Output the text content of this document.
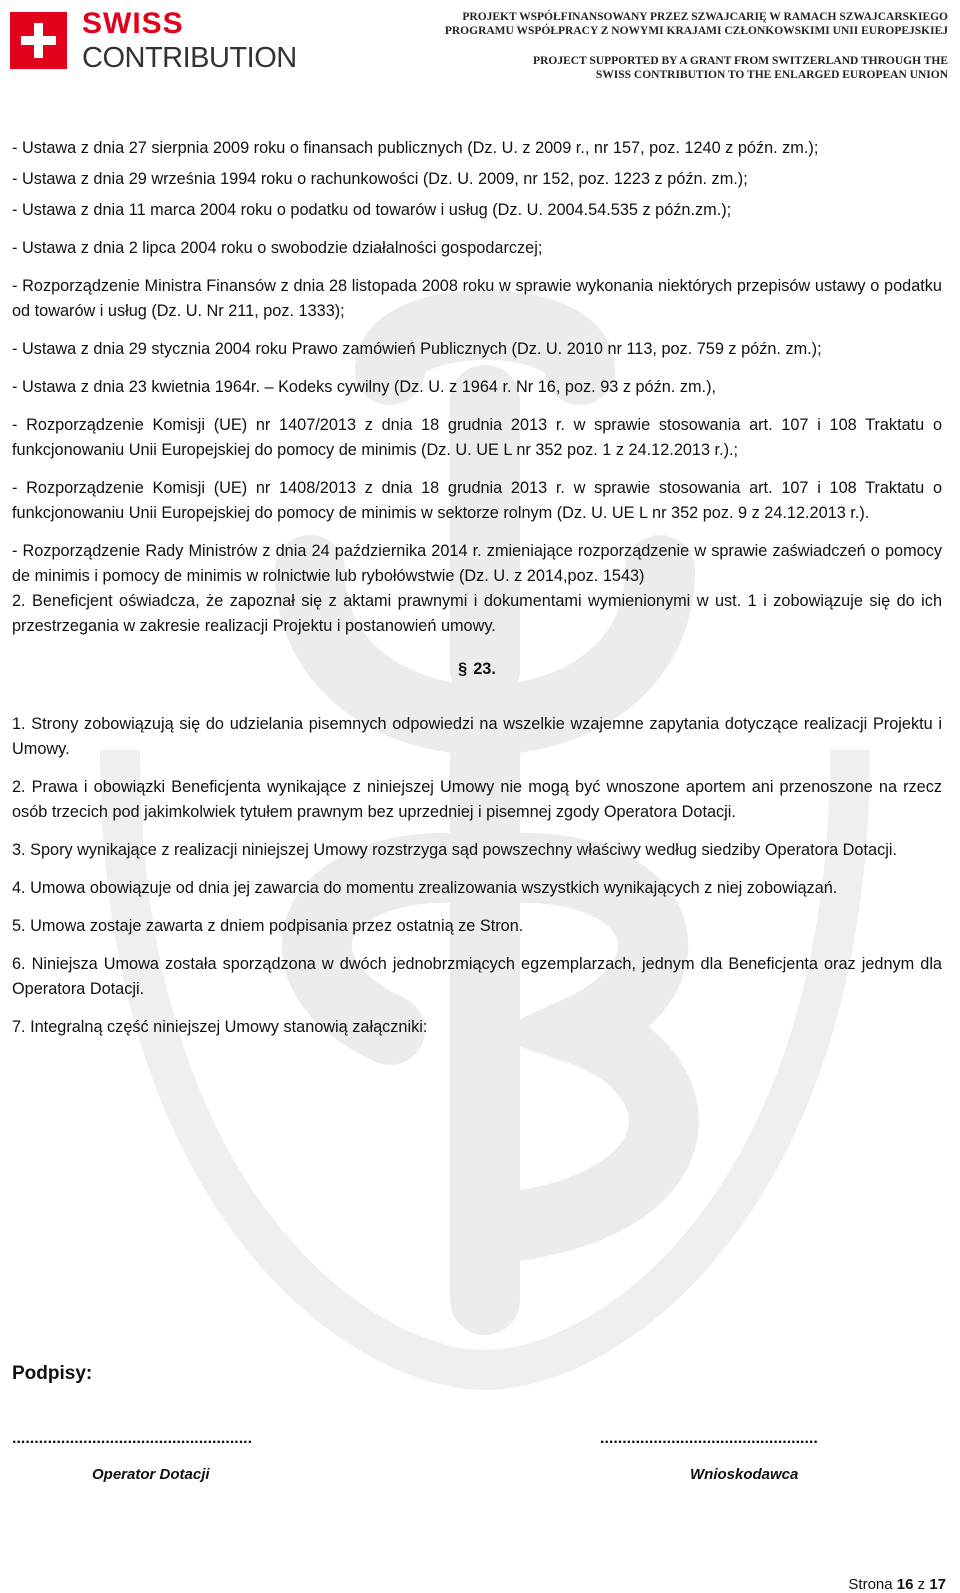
SWISS
CONTRIBUTION
PROJEKT WSPÓŁFINANSOWANY PRZEZ SZWAJCARIĘ W RAMACH SZWAJCARSKIEGO
PROGRAMU WSPÓŁPRACY Z NOWYMI KRAJAMI CZŁONKOWSKIMI UNII EUROPEJSKIEJ
PROJECT SUPPORTED BY A GRANT FROM SWITZERLAND THROUGH THE
SWISS CONTRIBUTION TO THE ENLARGED EUROPEAN UNION

- Ustawa z dnia 27 sierpnia 2009 roku o finansach publicznych (Dz. U. z 2009 r., nr 157, poz. 1240 z późn. zm.);

- Ustawa z dnia 29 września 1994 roku o rachunkowości (Dz. U. 2009, nr 152, poz. 1223 z późn. zm.);

- Ustawa z dnia 11 marca 2004 roku o podatku od towarów i usług (Dz. U. 2004.54.535 z późn.zm.);

- Ustawa z dnia 2 lipca 2004 roku o swobodzie działalności gospodarczej;

- Rozporządzenie Ministra Finansów z dnia 28 listopada 2008 roku w sprawie wykonania niektórych przepisów ustawy o podatku od towarów i usług (Dz. U. Nr 211, poz. 1333);

- Ustawa z dnia 29 stycznia 2004 roku Prawo zamówień Publicznych (Dz. U. 2010 nr 113, poz. 759 z późn. zm.);

- Ustawa z dnia 23 kwietnia 1964r. – Kodeks cywilny (Dz. U. z 1964 r. Nr 16, poz. 93 z późn. zm.),

- Rozporządzenie Komisji (UE) nr 1407/2013 z dnia 18 grudnia 2013 r. w sprawie stosowania art. 107 i 108 Traktatu o funkcjonowaniu Unii Europejskiej do pomocy de minimis (Dz. U. UE L nr 352 poz. 1 z 24.12.2013 r.).;

- Rozporządzenie Komisji (UE) nr 1408/2013 z dnia 18 grudnia 2013 r. w sprawie stosowania art. 107 i 108 Traktatu o funkcjonowaniu Unii Europejskiej do pomocy de minimis w sektorze rolnym (Dz. U. UE L nr 352 poz. 9 z 24.12.2013 r.).

- Rozporządzenie Rady Ministrów z dnia 24 października 2014 r. zmieniające rozporządzenie w sprawie zaświadczeń o pomocy de minimis i pomocy de minimis w rolnictwie lub rybołówstwie (Dz. U. z 2014,poz. 1543)

2. Beneficjent oświadcza, że zapoznał się z aktami prawnymi i dokumentami wymienionymi w ust. 1 i zobowiązuje się do ich przestrzegania w zakresie realizacji Projektu i postanowień umowy.

§ 23.

1. Strony zobowiązują się do udzielania pisemnych odpowiedzi na wszelkie wzajemne zapytania dotyczące realizacji Projektu i Umowy.

2. Prawa i obowiązki Beneficjenta wynikające z niniejszej Umowy nie mogą być wnoszone aportem ani przenoszone na rzecz osób trzecich pod jakimkolwiek tytułem prawnym bez uprzedniej i pisemnej zgody Operatora Dotacji.

3. Spory wynikające z realizacji niniejszej Umowy rozstrzyga sąd powszechny właściwy według siedziby Operatora Dotacji.

4. Umowa obowiązuje od dnia jej zawarcia do momentu zrealizowania wszystkich wynikających z niej zobowiązań.

5. Umowa zostaje zawarta z dniem podpisania przez ostatnią ze Stron.

6. Niniejsza Umowa została sporządzona w dwóch jednobrzmiących egzemplarzach, jednym dla Beneficjenta oraz jednym dla Operatora Dotacji.

7. Integralną część niniejszej Umowy stanowią załączniki:

Podpisy:
......................................................	.................................................
Operator Dotacji	Wnioskodawca
Strona 16 z 17
